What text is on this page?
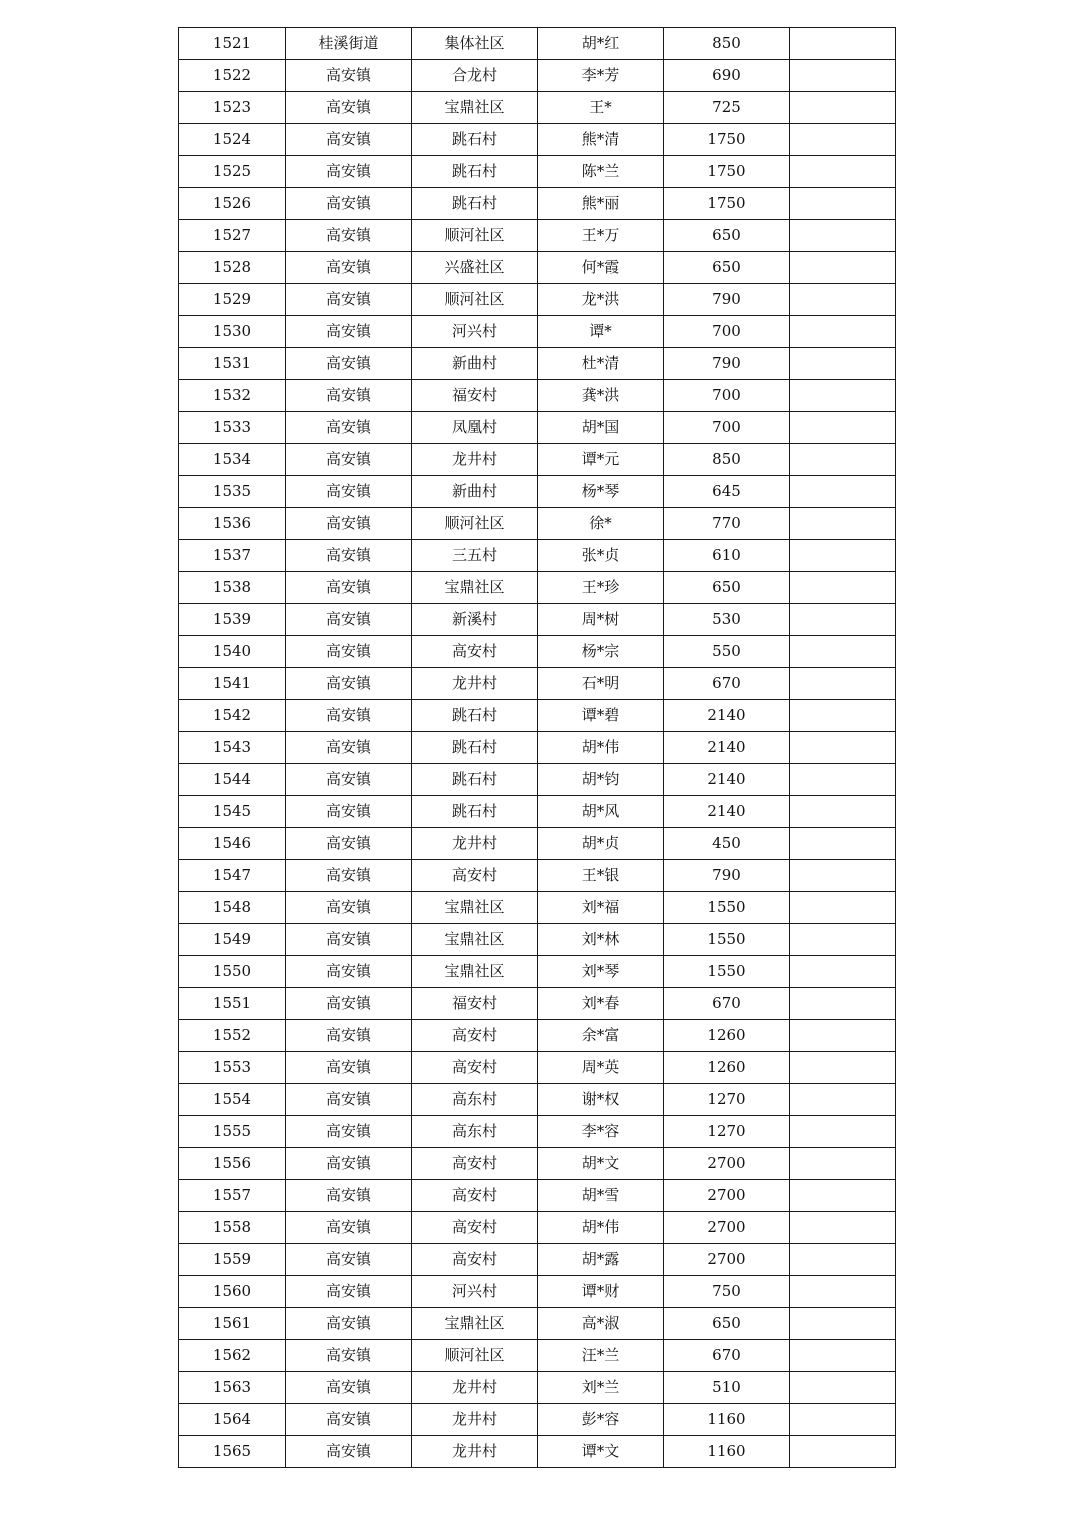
1521	桂溪街道	集体社区	胡*红	850	
1522	高安镇	合龙村	李*芳	690	
1523	高安镇	宝鼎社区	王*	725	
1524	高安镇	跳石村	熊*清	1750	
1525	高安镇	跳石村	陈*兰	1750	
1526	高安镇	跳石村	熊*丽	1750	
1527	高安镇	顺河社区	王*万	650	
1528	高安镇	兴盛社区	何*霞	650	
1529	高安镇	顺河社区	龙*洪	790	
1530	高安镇	河兴村	谭*	700	
1531	高安镇	新曲村	杜*清	790	
1532	高安镇	福安村	龚*洪	700	
1533	高安镇	凤凰村	胡*国	700	
1534	高安镇	龙井村	谭*元	850	
1535	高安镇	新曲村	杨*琴	645	
1536	高安镇	顺河社区	徐*	770	
1537	高安镇	三五村	张*贞	610	
1538	高安镇	宝鼎社区	王*珍	650	
1539	高安镇	新溪村	周*树	530	
1540	高安镇	高安村	杨*宗	550	
1541	高安镇	龙井村	石*明	670	
1542	高安镇	跳石村	谭*碧	2140	
1543	高安镇	跳石村	胡*伟	2140	
1544	高安镇	跳石村	胡*钧	2140	
1545	高安镇	跳石村	胡*风	2140	
1546	高安镇	龙井村	胡*贞	450	
1547	高安镇	高安村	王*银	790	
1548	高安镇	宝鼎社区	刘*福	1550	
1549	高安镇	宝鼎社区	刘*林	1550	
1550	高安镇	宝鼎社区	刘*琴	1550	
1551	高安镇	福安村	刘*春	670	
1552	高安镇	高安村	余*富	1260	
1553	高安镇	高安村	周*英	1260	
1554	高安镇	高东村	谢*权	1270	
1555	高安镇	高东村	李*容	1270	
1556	高安镇	高安村	胡*文	2700	
1557	高安镇	高安村	胡*雪	2700	
1558	高安镇	高安村	胡*伟	2700	
1559	高安镇	高安村	胡*露	2700	
1560	高安镇	河兴村	谭*财	750	
1561	高安镇	宝鼎社区	高*淑	650	
1562	高安镇	顺河社区	汪*兰	670	
1563	高安镇	龙井村	刘*兰	510	
1564	高安镇	龙井村	彭*容	1160	
1565	高安镇	龙井村	谭*文	1160	
